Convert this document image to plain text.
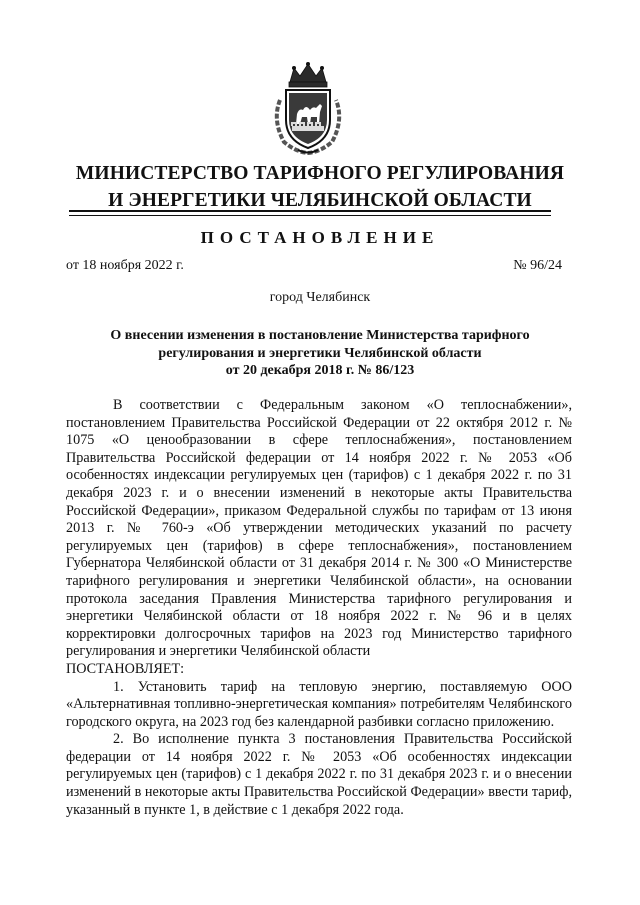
МИНИСТЕРСТВО ТАРИФНОГО РЕГУЛИРОВАНИЯ
И ЭНЕРГЕТИКИ ЧЕЛЯБИНСКОЙ ОБЛАСТИ
ПОСТАНОВЛЕНИЕ
от 18 ноября 2022 г.	№ 96/24
город Челябинск
О внесении изменения в постановление Министерства тарифного
регулирования и энергетики Челябинской области
от 20 декабря 2018 г. № 86/123

В соответствии с Федеральным законом «О теплоснабжении», постановлением Правительства Российской Федерации от 22 октября 2012 г. № 1075 «О ценообразовании в сфере теплоснабжения», постановлением Правительства Российской федерации от 14 ноября 2022 г. № 2053 «Об особенностях индексации регулируемых цен (тарифов) с 1 декабря 2022 г. по 31 декабря 2023 г. и о внесении изменений в некоторые акты Правительства Российской Федерации», приказом Федеральной службы по тарифам от 13 июня 2013 г. № 760-э «Об утверждении методических указаний по расчету регулируемых цен (тарифов) в сфере теплоснабжения», постановлением Губернатора Челябинской области от 31 декабря 2014 г. № 300 «О Министерстве тарифного регулирования и энергетики Челябинской области», на основании протокола заседания Правления Министерства тарифного регулирования и энергетики Челябинской области от 18 ноября 2022 г. № 96 и в целях корректировки долгосрочных тарифов на 2023 год Министерство тарифного регулирования и энергетики Челябинской области

ПОСТАНОВЛЯЕТ:

1. Установить тариф на тепловую энергию, поставляемую ООО «Альтернативная топливно-энергетическая компания» потребителям Челябинского городского округа, на 2023 год без календарной разбивки согласно приложению.

2. Во исполнение пункта 3 постановления Правительства Российской федерации от 14 ноября 2022 г. № 2053 «Об особенностях индексации регулируемых цен (тарифов) с 1 декабря 2022 г. по 31 декабря 2023 г. и о внесении изменений в некоторые акты Правительства Российской Федерации» ввести тариф, указанный в пункте 1, в действие с 1 декабря 2022 года.
